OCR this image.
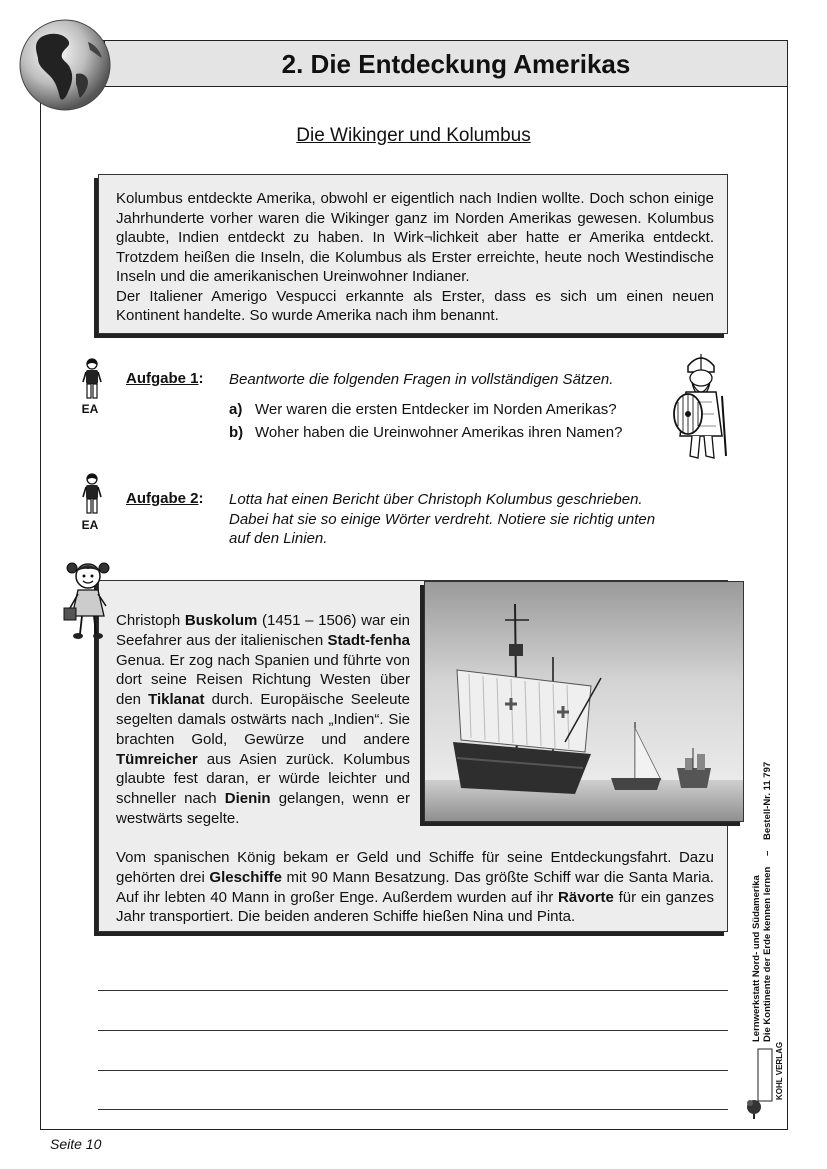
2. Die Entdeckung Amerikas
Die Wikinger und Kolumbus

Kolumbus entdeckte Amerika, obwohl er eigentlich nach Indien wollte. Doch schon einige Jahrhunderte vorher waren die Wikinger ganz im Norden Amerikas gewesen. Kolumbus glaubte, Indien entdeckt zu haben. In Wirk¬lichkeit aber hatte er Amerika entdeckt. Trotzdem heißen die Inseln, die Kolumbus als Erster erreichte, heute noch Westindische Inseln und die amerikanischen Ureinwohner Indianer.

Der Italiener Amerigo Vespucci erkannte als Erster, dass es sich um einen neuen Kontinent handelte. So wurde Amerika nach ihm benannt.

EA
Aufgabe 1: Beantworte die folgenden Fragen in vollständigen Sätzen.
a) Wer waren die ersten Entdecker im Norden Amerikas?
b) Woher haben die Ureinwohner Amerikas ihren Namen?
EA
Aufgabe 2: Lotta hat einen Bericht über Christoph Kolumbus geschrieben.
Dabei hat sie so einige Wörter verdreht. Notiere sie richtig unten
auf den Linien.
Christoph Buskolum (1451 – 1506) war ein Seefahrer aus der italienischen Stadt-fenha Genua. Er zog nach Spanien und führte von dort seine Reisen Richtung Westen über den Tiklanat durch. Europäische Seeleute segelten damals ostwärts nach „Indien“. Sie brachten Gold, Gewürze und andere Tümreicher aus Asien zurück. Kolumbus glaubte fest daran, er würde leichter und schneller nach Dienin gelangen, wenn er westwärts segelte.
Vom spanischen König bekam er Geld und Schiffe für seine Entdeckungsfahrt. Dazu gehörten drei Gleschiffe mit 90 Mann Besatzung. Das größte Schiff war die Santa Maria. Auf ihr lebten 40 Mann in großer Enge. Außerdem wurden auf ihr Rävorte für ein ganzes Jahr transportiert. Die beiden anderen Schiffe hießen Nina und Pinta.
Bestell-Nr. 11 797
–
Lernwerkstatt Nord- und Südamerika Die Kontinente der Erde kennen lernen
KOHL VERLAG
Seite 10
